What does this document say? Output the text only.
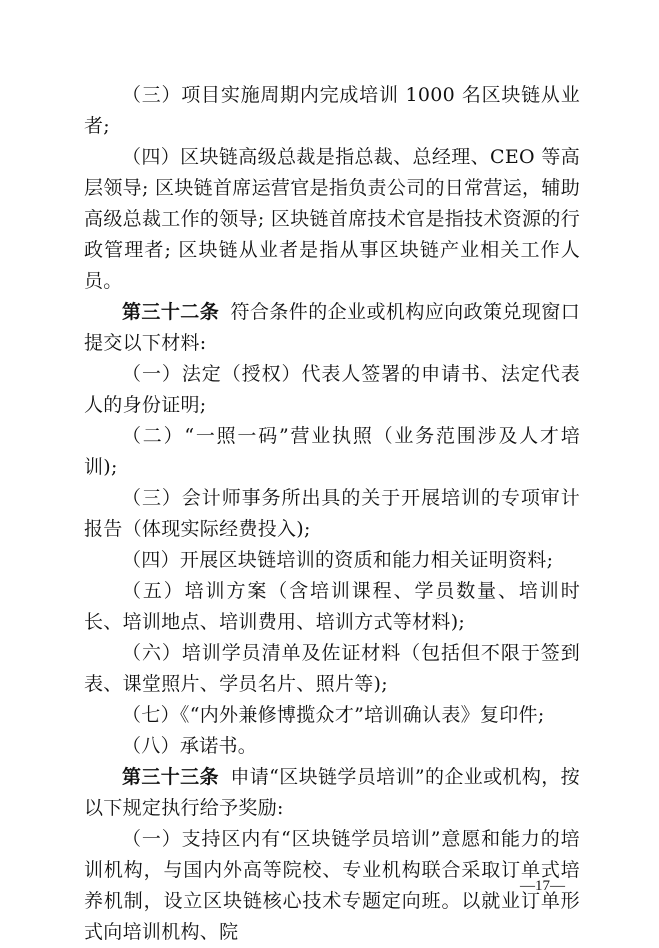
（三）项目实施周期内完成培训 1000 名区块链从业者;

（四）区块链高级总裁是指总裁、总经理、CEO 等高层领导; 区块链首席运营官是指负责公司的日常营运，辅助高级总裁工作的领导; 区块链首席技术官是指技术资源的行政管理者; 区块链从业者是指从事区块链产业相关工作人员。

第三十二条 符合条件的企业或机构应向政策兑现窗口提交以下材料:

（一）法定（授权）代表人签署的申请书、法定代表人的身份证明;

（二）“一照一码”营业执照（业务范围涉及人才培训);

（三）会计师事务所出具的关于开展培训的专项审计报告（体现实际经费投入);

（四）开展区块链培训的资质和能力相关证明资料;

（五）培训方案（含培训课程、学员数量、培训时长、培训地点、培训费用、培训方式等材料);

（六）培训学员清单及佐证材料（包括但不限于签到表、课堂照片、学员名片、照片等);

（七）《“内外兼修博揽众才”培训确认表》复印件;

（八）承诺书。

第三十三条 申请“区块链学员培训”的企业或机构，按以下规定执行给予奖励:

（一）支持区内有“区块链学员培训”意愿和能力的培训机构，与国内外高等院校、专业机构联合采取订单式培养机制，设立区块链核心技术专题定向班。以就业订单形式向培训机构、院

—17—
